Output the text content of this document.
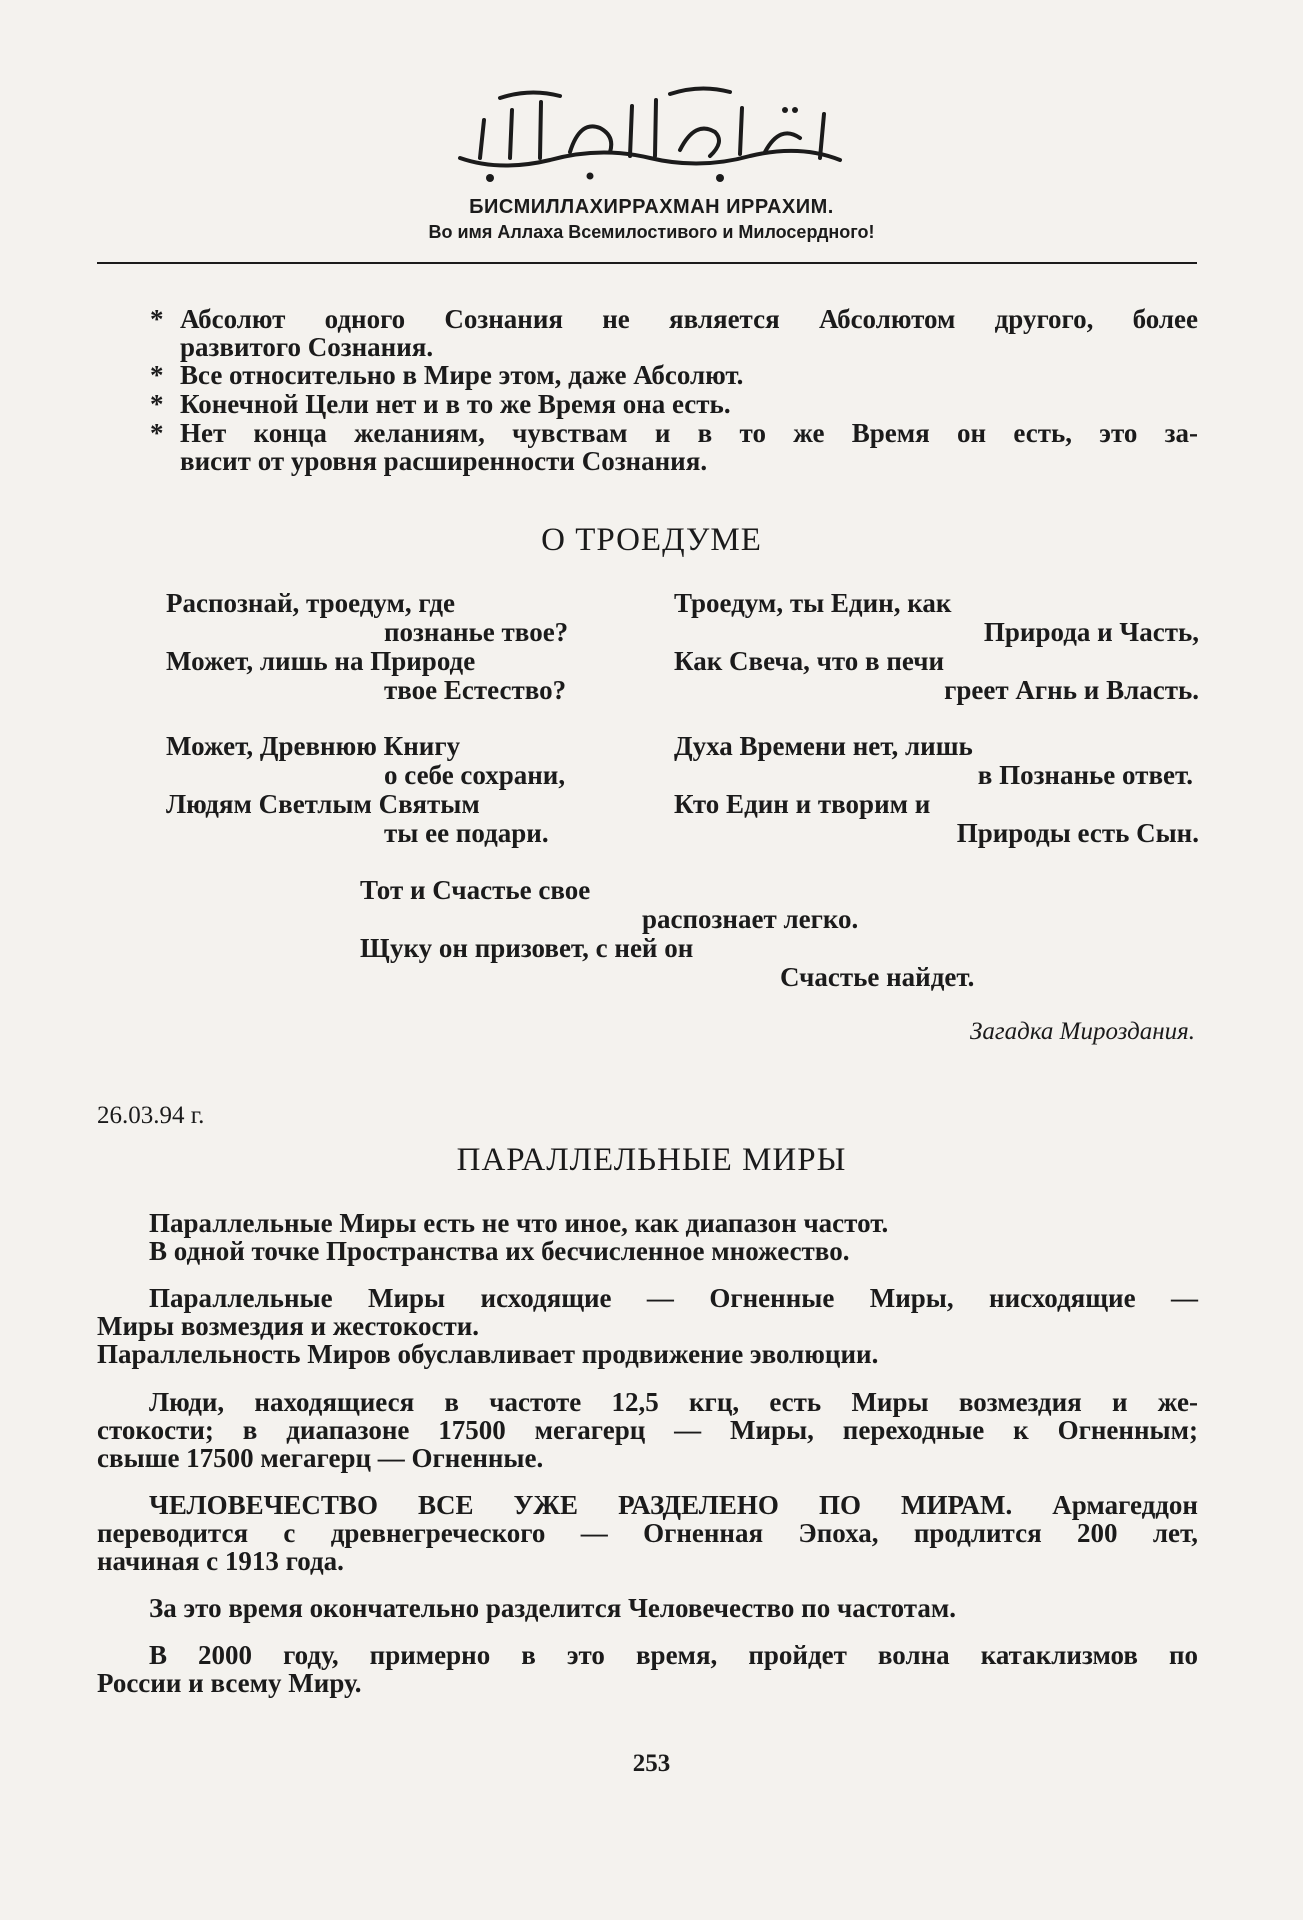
БИСМИЛЛАХИРРАХМАН ИРРАХИМ.
Во имя Аллаха Всемилостивого и Милосердного!
* Абсолют одного Сознания не является Абсолютом другого, более
развитого Сознания.
* Все относительно в Мире этом, даже Абсолют.
* Конечной Цели нет и в то же Время она есть.
* Нет конца желаниям, чувствам и в то же Время он есть, это за-
висит от уровня расширенности Сознания.
О ТРОЕДУМЕ
Распознай, троедум, где
познанье твое?
Может, лишь на Природе
твое Естество?
Может, Древнюю Книгу
о себе сохрани,
Людям Светлым Святым
ты ее подари.
Троедум, ты Един, как
Природа и Часть,
Как Свеча, что в печи
греет Агнь и Власть.
Духа Времени нет, лишь
в Познанье ответ.
Кто Един и творим и
Природы есть Сын.
Тот и Счастье свое
распознает легко.
Щуку он призовет, с ней он
Счастье найдет.
Загадка Мироздания.
26.03.94 г.
ПАРАЛЛЕЛЬНЫЕ МИРЫ
Параллельные Миры есть не что иное, как диапазон частот.
В одной точке Пространства их бесчисленное множество.
Параллельные Миры исходящие — Огненные Миры, нисходящие —
Миры возмездия и жестокости.
Параллельность Миров обуславливает продвижение эволюции.
Люди, находящиеся в частоте 12,5 кгц, есть Миры возмездия и же-
стокости; в диапазоне 17500 мегагерц — Миры, переходные к Огненным;
свыше 17500 мегагерц — Огненные.
ЧЕЛОВЕЧЕСТВО ВСЕ УЖЕ РАЗДЕЛЕНО ПО МИРАМ. Армагеддон
переводится с древнегреческого — Огненная Эпоха, продлится 200 лет,
начиная с 1913 года.
За это время окончательно разделится Человечество по частотам.
В 2000 году, примерно в это время, пройдет волна катаклизмов по
России и всему Миру.
253
